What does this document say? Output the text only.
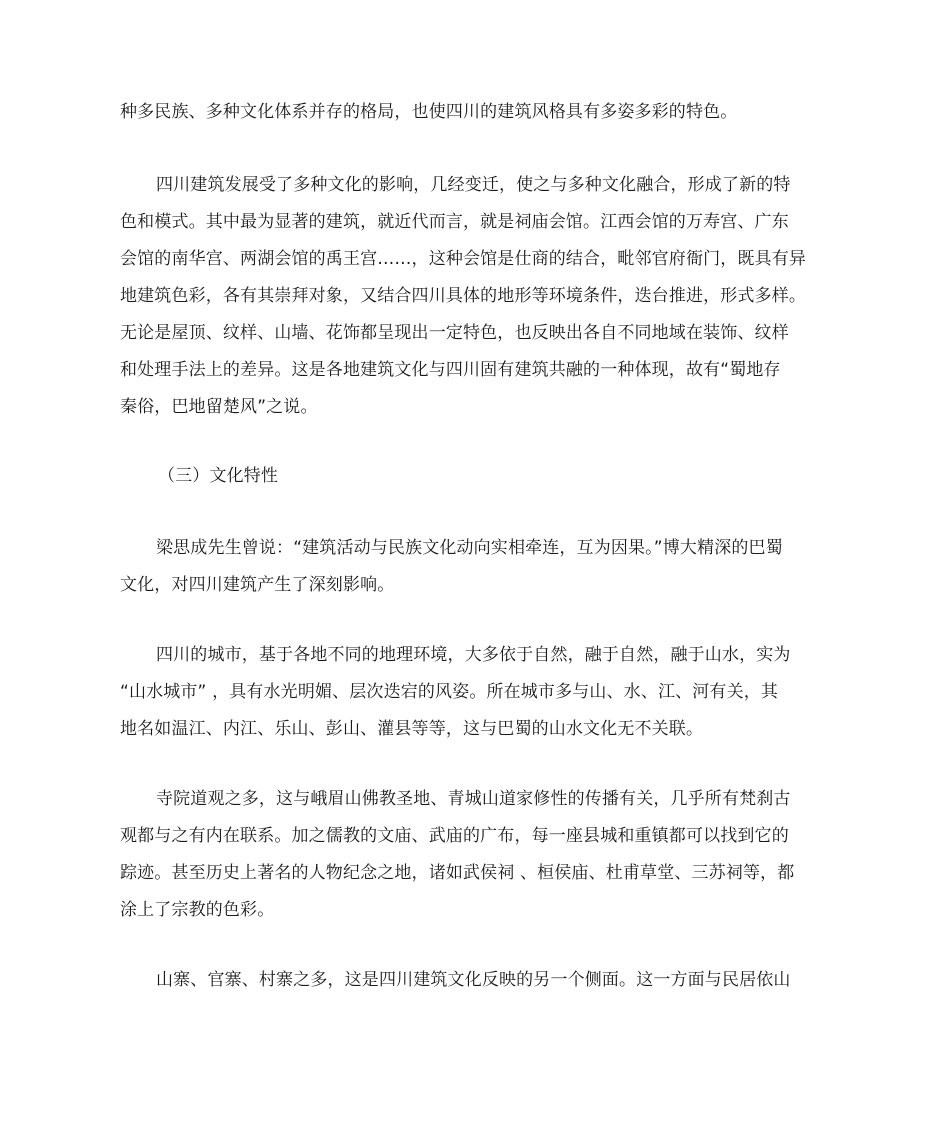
种多民族、多种文化体系并存的格局，也使四川的建筑风格具有多姿多彩的特色。
四川建筑发展受了多种文化的影响，几经变迁，使之与多种文化融合，形成了新的特
色和模式。其中最为显著的建筑，就近代而言，就是祠庙会馆。江西会馆的万寿宫、广东
会馆的南华宫、两湖会馆的禹王宫……，这种会馆是仕商的结合，毗邻官府衙门，既具有异
地建筑色彩，各有其崇拜对象，又结合四川具体的地形等环境条件，迭台推进，形式多样。
无论是屋顶、纹样、山墙、花饰都呈现出一定特色，也反映出各自不同地域在装饰、纹样
和处理手法上的差异。这是各地建筑文化与四川固有建筑共融的一种体现，故有“蜀地存
秦俗，巴地留楚风”之说。
（三）文化特性
梁思成先生曾说：“建筑活动与民族文化动向实相牵连，互为因果。”博大精深的巴蜀
文化，对四川建筑产生了深刻影响。
四川的城市，基于各地不同的地理环境，大多依于自然，融于自然，融于山水，实为
“山水城市” ，具有水光明媚、层次迭宕的风姿。所在城市多与山、水、江、河有关，其
地名如温江、内江、乐山、彭山、灌县等等，这与巴蜀的山水文化无不关联。
寺院道观之多，这与峨眉山佛教圣地、青城山道家修性的传播有关，几乎所有梵刹古
观都与之有内在联系。加之儒教的文庙、武庙的广布，每一座县城和重镇都可以找到它的
踪迹。甚至历史上著名的人物纪念之地，诸如武侯祠 、桓侯庙、杜甫草堂、三苏祠等，都
涂上了宗教的色彩。
山寨、官寨、村寨之多，这是四川建筑文化反映的另一个侧面。这一方面与民居依山
